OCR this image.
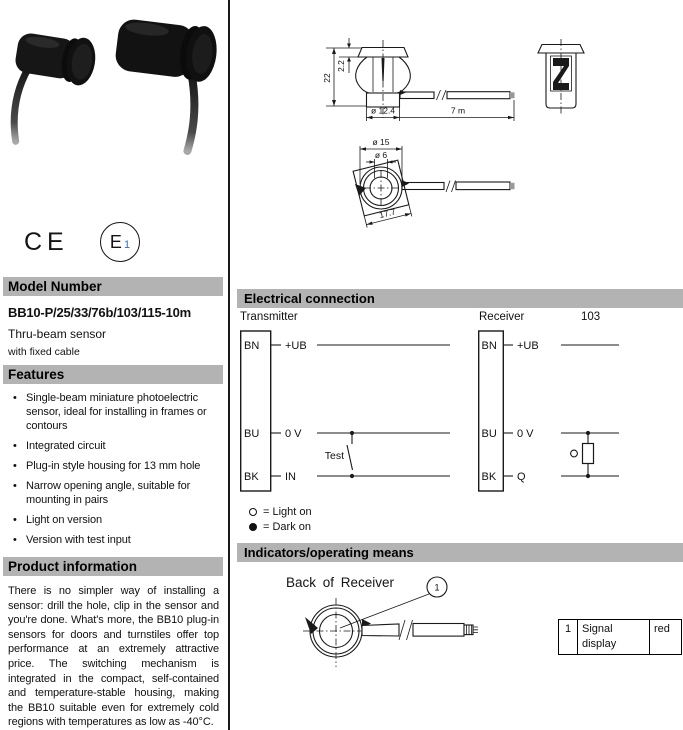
CE E 1
Model Number
BB10-P/25/33/76b/103/115-10m
Thru-beam sensor
with fixed cable
Features
• Single-beam miniature photoelectric sensor, ideal for installing in frames or contours
• Integrated circuit
• Plug-in style housing for 13 mm hole
• Narrow opening angle, suitable for mounting in pairs
• Light on version
• Version with test input
Product information
There is no simpler way of installing a sensor: drill the hole, clip in the sensor and you're done. What's more, the BB10 plug-in sensors for doors and turnstiles offer top performance at an extremely attractive price. The switching mechanism is integrated in the compact, self-contained and temperature-stable housing, making the BB10 suitable even for extremely cold regions with temperatures as low as -40°C.
2.2
22
ø 12.4	7 m
17.7
ø 15
ø 6
Electrical connection
Transmitter	Receiver	103
BN
BU
BK
+UB
0 V
IN
Test
BN
BU
BK
+UB
0 V
Q
= Light on
= Dark on
Indicators/operating means
Back of Receiver	1
1 Signal display
red
